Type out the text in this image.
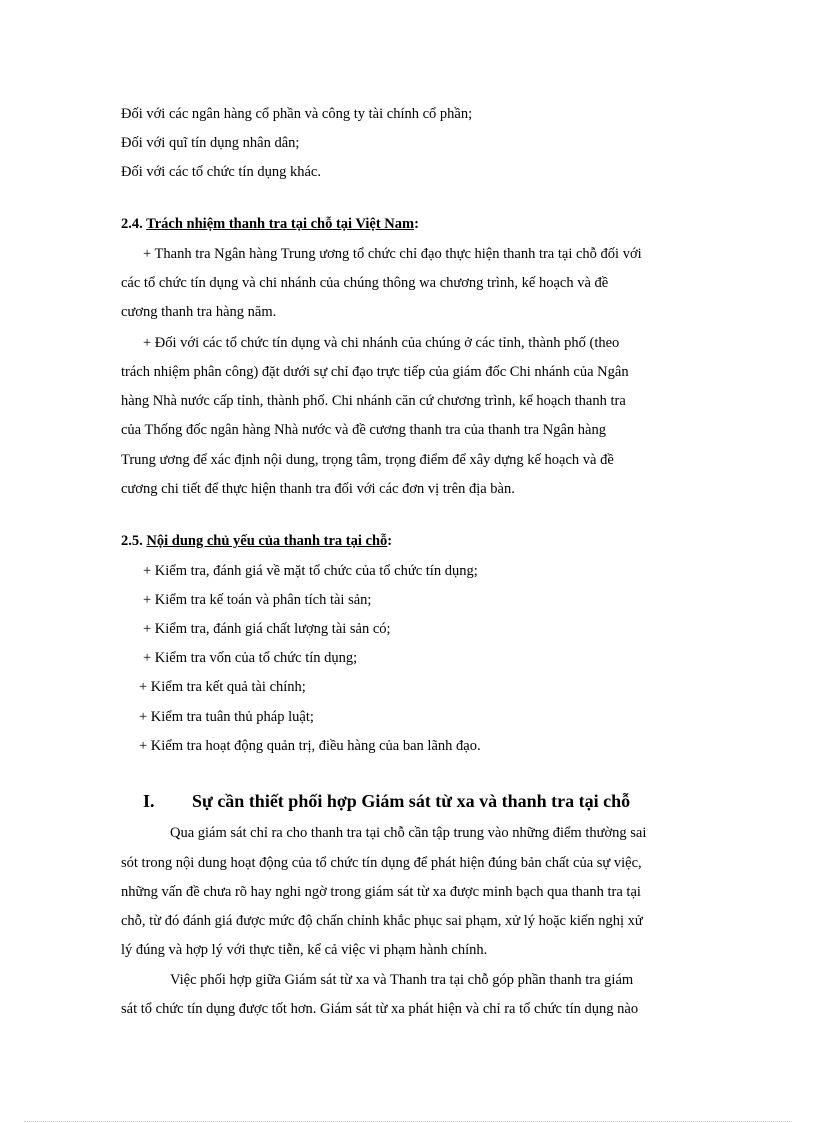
Đối với các ngân hàng cổ phần và công ty tài chính cổ phần;
Đối với quĩ tín dụng nhân dân;
Đối với các tổ chức tín dụng khác.
2.4. Trách nhiệm thanh tra tại chỗ tại Việt Nam:
+ Thanh tra Ngân hàng Trung ương tổ chức chỉ đạo thực hiện thanh tra tại chỗ đối với
các tổ chức tín dụng và chi nhánh của chúng thông wa chương trình, kế hoạch và đề
cương thanh tra hàng năm.
+ Đối với các tổ chức tín dụng và chi nhánh của chúng ở các tỉnh, thành phố (theo
trách nhiệm phân công) đặt dưới sự chỉ đạo trực tiếp của giám đốc Chi nhánh của Ngân
hàng Nhà nước cấp tỉnh, thành phố. Chi nhánh căn cứ chương trình, kế hoạch thanh tra
của Thống đốc ngân hàng Nhà nước và đề cương thanh tra của thanh tra Ngân hàng
Trung ương để xác định nội dung, trọng tâm, trọng điểm để xây dựng kế hoạch và đề
cương chi tiết để thực hiện thanh tra đối với các đơn vị trên địa bàn.
2.5. Nội dung chủ yếu của thanh tra tại chỗ:
+ Kiểm tra, đánh giá về mặt tổ chức của tổ chức tín dụng;
+ Kiểm tra kế toán và phân tích tài sản;
+ Kiểm tra, đánh giá chất lượng tài sản có;
+ Kiểm tra vốn của tổ chức tín dụng;
+ Kiểm tra kết quả tài chính;
+ Kiểm tra tuân thủ pháp luật;
+ Kiểm tra hoạt động quản trị, điều hàng của ban lãnh đạo.
I. Sự cần thiết phối hợp Giám sát từ xa và thanh tra tại chỗ
Qua giám sát chỉ ra cho thanh tra tại chỗ cần tập trung vào những điểm thường sai
sót trong nội dung hoạt động của tổ chức tín dụng để phát hiện đúng bản chất của sự việc,
những vấn đề chưa rõ hay nghi ngờ trong giám sát từ xa được minh bạch qua thanh tra tại
chỗ, từ đó đánh giá được mức độ chấn chỉnh khắc phục sai phạm, xử lý hoặc kiến nghị xử
lý đúng và hợp lý với thực tiễn, kể cả việc vi phạm hành chính.
Việc phối hợp giữa Giám sát từ xa và Thanh tra tại chỗ góp phần thanh tra giám
sát tổ chức tín dụng được tốt hơn. Giám sát từ xa phát hiện và chỉ ra tổ chức tín dụng nào
